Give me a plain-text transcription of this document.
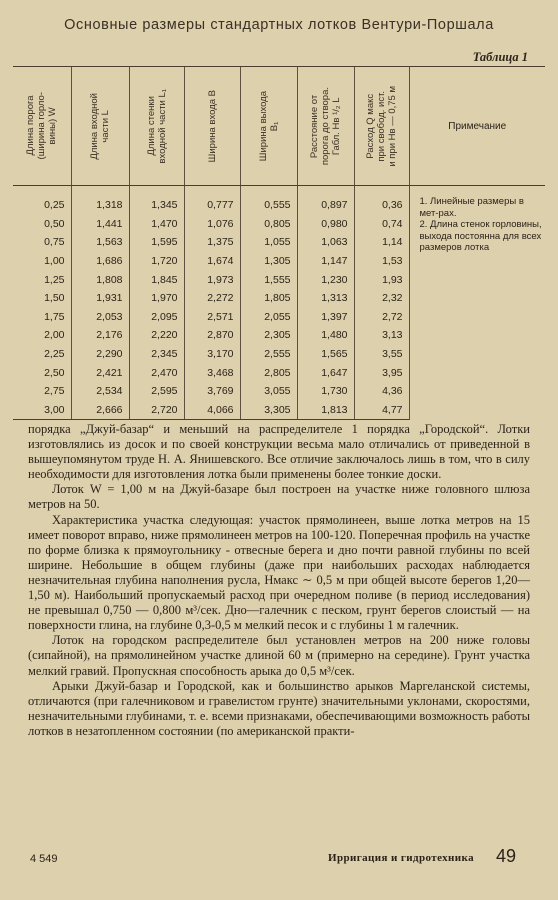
Основные размеры стандартных лотков Вентури-Поршала
Таблица 1
Длина порога
(ширина горло-
вины) W	Длина входной
части L	Длина стенки
входной части L₁	Ширина входа B	Ширина выхода
B₁	Расстояние от
порога до створа.
Габл. Hв ¹/₂ L	Расход Q макс
при свобод. ист.
и при Hв — 0,75 м	Примечание

0,25	1,318	1,345	0,777	0,555	0,897	0,36	1. Линейные размеры в мет-рах.
2. Длина стенок горловины, выхода постоянна для всех размеров лотка

0,50	1,441	1,470	1,076	0,805	0,980	0,74	
0,75	1,563	1,595	1,375	1,055	1,063	1,14	
1,00	1,686	1,720	1,674	1,305	1,147	1,53	
1,25	1,808	1,845	1,973	1,555	1,230	1,93	
1,50	1,931	1,970	2,272	1,805	1,313	2,32	
1,75	2,053	2,095	2,571	2,055	1,397	2,72	
2,00	2,176	2,220	2,870	2,305	1,480	3,13	
2,25	2,290	2,345	3,170	2,555	1,565	3,55	
2,50	2,421	2,470	3,468	2,805	1,647	3,95	
2,75	2,534	2,595	3,769	3,055	1,730	4,36	
3,00	2,666	2,720	4,066	3,305	1,813	4,77	

порядка „Джуй-базар“ и меньший на распределителе 1 порядка „Городской“. Лотки изготовлялись из досок и по своей конструкции весьма мало отличались от приведенной в вышеупомянутом труде Н. А. Янишевского. Все отличие заключалось лишь в том, что в силу необходимости для изготовления лотка были применены более тонкие доски.

Лоток W = 1,00 м на Джуй-базаре был построен на участке ниже головного шлюза метров на 50.

Характеристика участка следующая: участок прямолинеен, выше лотка метров на 15 имеет поворот вправо, ниже прямолинеен метров на 100-120. Поперечная профиль на участке по форме близка к прямоугольнику - отвесные берега и дно почти равной глубины по всей ширине. Небольшие в общем глубины (даже при наибольших расходах наблюдается незначительная глубина наполнения русла, Hмакс ∼ 0,5 м при общей высоте берегов 1,20—1,50 м). Наибольший пропускаемый расход при очередном поливе (в период исследования) не превышал 0,750 — 0,800 м³/сек. Дно—галечник с песком, грунт берегов слоистый — на поверхности глина, на глубине 0,3-0,5 м мелкий песок и с глубины 1 м галечник.

Лоток на городском распределителе был установлен метров на 200 ниже головы (сипайной), на прямолинейном участке длиной 60 м (примерно на середине). Грунт участка мелкий гравий. Пропускная способность арыка до 0,5 м³/сек.

Арыки Джуй-базар и Городской, как и большинство арыков Маргеланской системы, отличаются (при галечниковом и гравелистом грунте) значительными уклонами, скоростями, незначительными глубинами, т. е. всеми признаками, обеспечивающими возможность работы лотков в незатопленном состоянии (по американской практи-

4 549	Ирригация и гидротехника 49
